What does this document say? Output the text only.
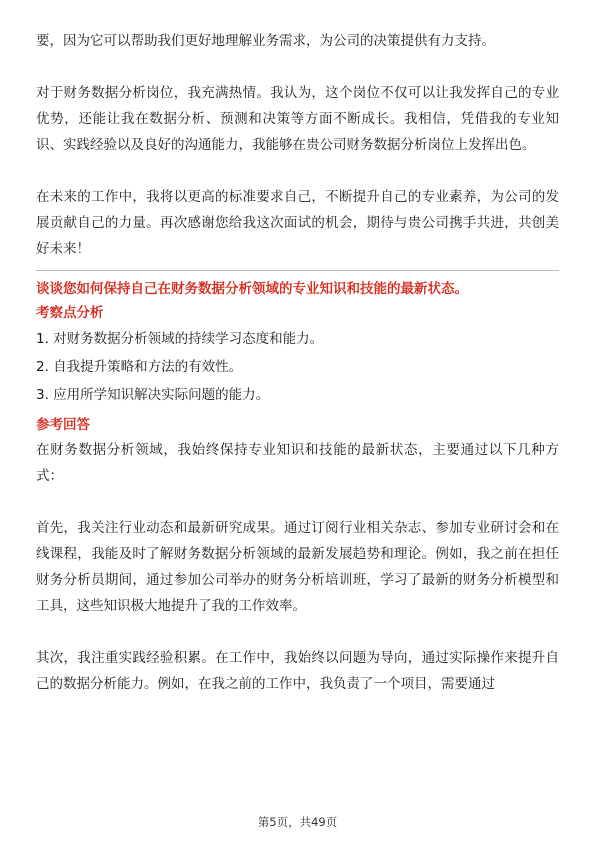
要，因为它可以帮助我们更好地理解业务需求，为公司的决策提供有力支持。

对于财务数据分析岗位，我充满热情。我认为，这个岗位不仅可以让我发挥自己的专业优势，还能让我在数据分析、预测和决策等方面不断成长。我相信，凭借我的专业知识、实践经验以及良好的沟通能力，我能够在贵公司财务数据分析岗位上发挥出色。

在未来的工作中，我将以更高的标准要求自己，不断提升自己的专业素养，为公司的发展贡献自己的力量。再次感谢您给我这次面试的机会，期待与贵公司携手共进，共创美好未来！

谈谈您如何保持自己在财务数据分析领域的专业知识和技能的最新状态。

考察点分析

1. 对财务数据分析领域的持续学习态度和能力。

2. 自我提升策略和方法的有效性。

3. 应用所学知识解决实际问题的能力。

参考回答

在财务数据分析领域，我始终保持专业知识和技能的最新状态，主要通过以下几种方式：

首先，我关注行业动态和最新研究成果。通过订阅行业相关杂志、参加专业研讨会和在线课程，我能及时了解财务数据分析领域的最新发展趋势和理论。例如，我之前在担任财务分析员期间，通过参加公司举办的财务分析培训班，学习了最新的财务分析模型和工具，这些知识极大地提升了我的工作效率。

其次，我注重实践经验积累。在工作中，我始终以问题为导向，通过实际操作来提升自己的数据分析能力。例如，在我之前的工作中，我负责了一个项目，需要通过

第5页，共49页
